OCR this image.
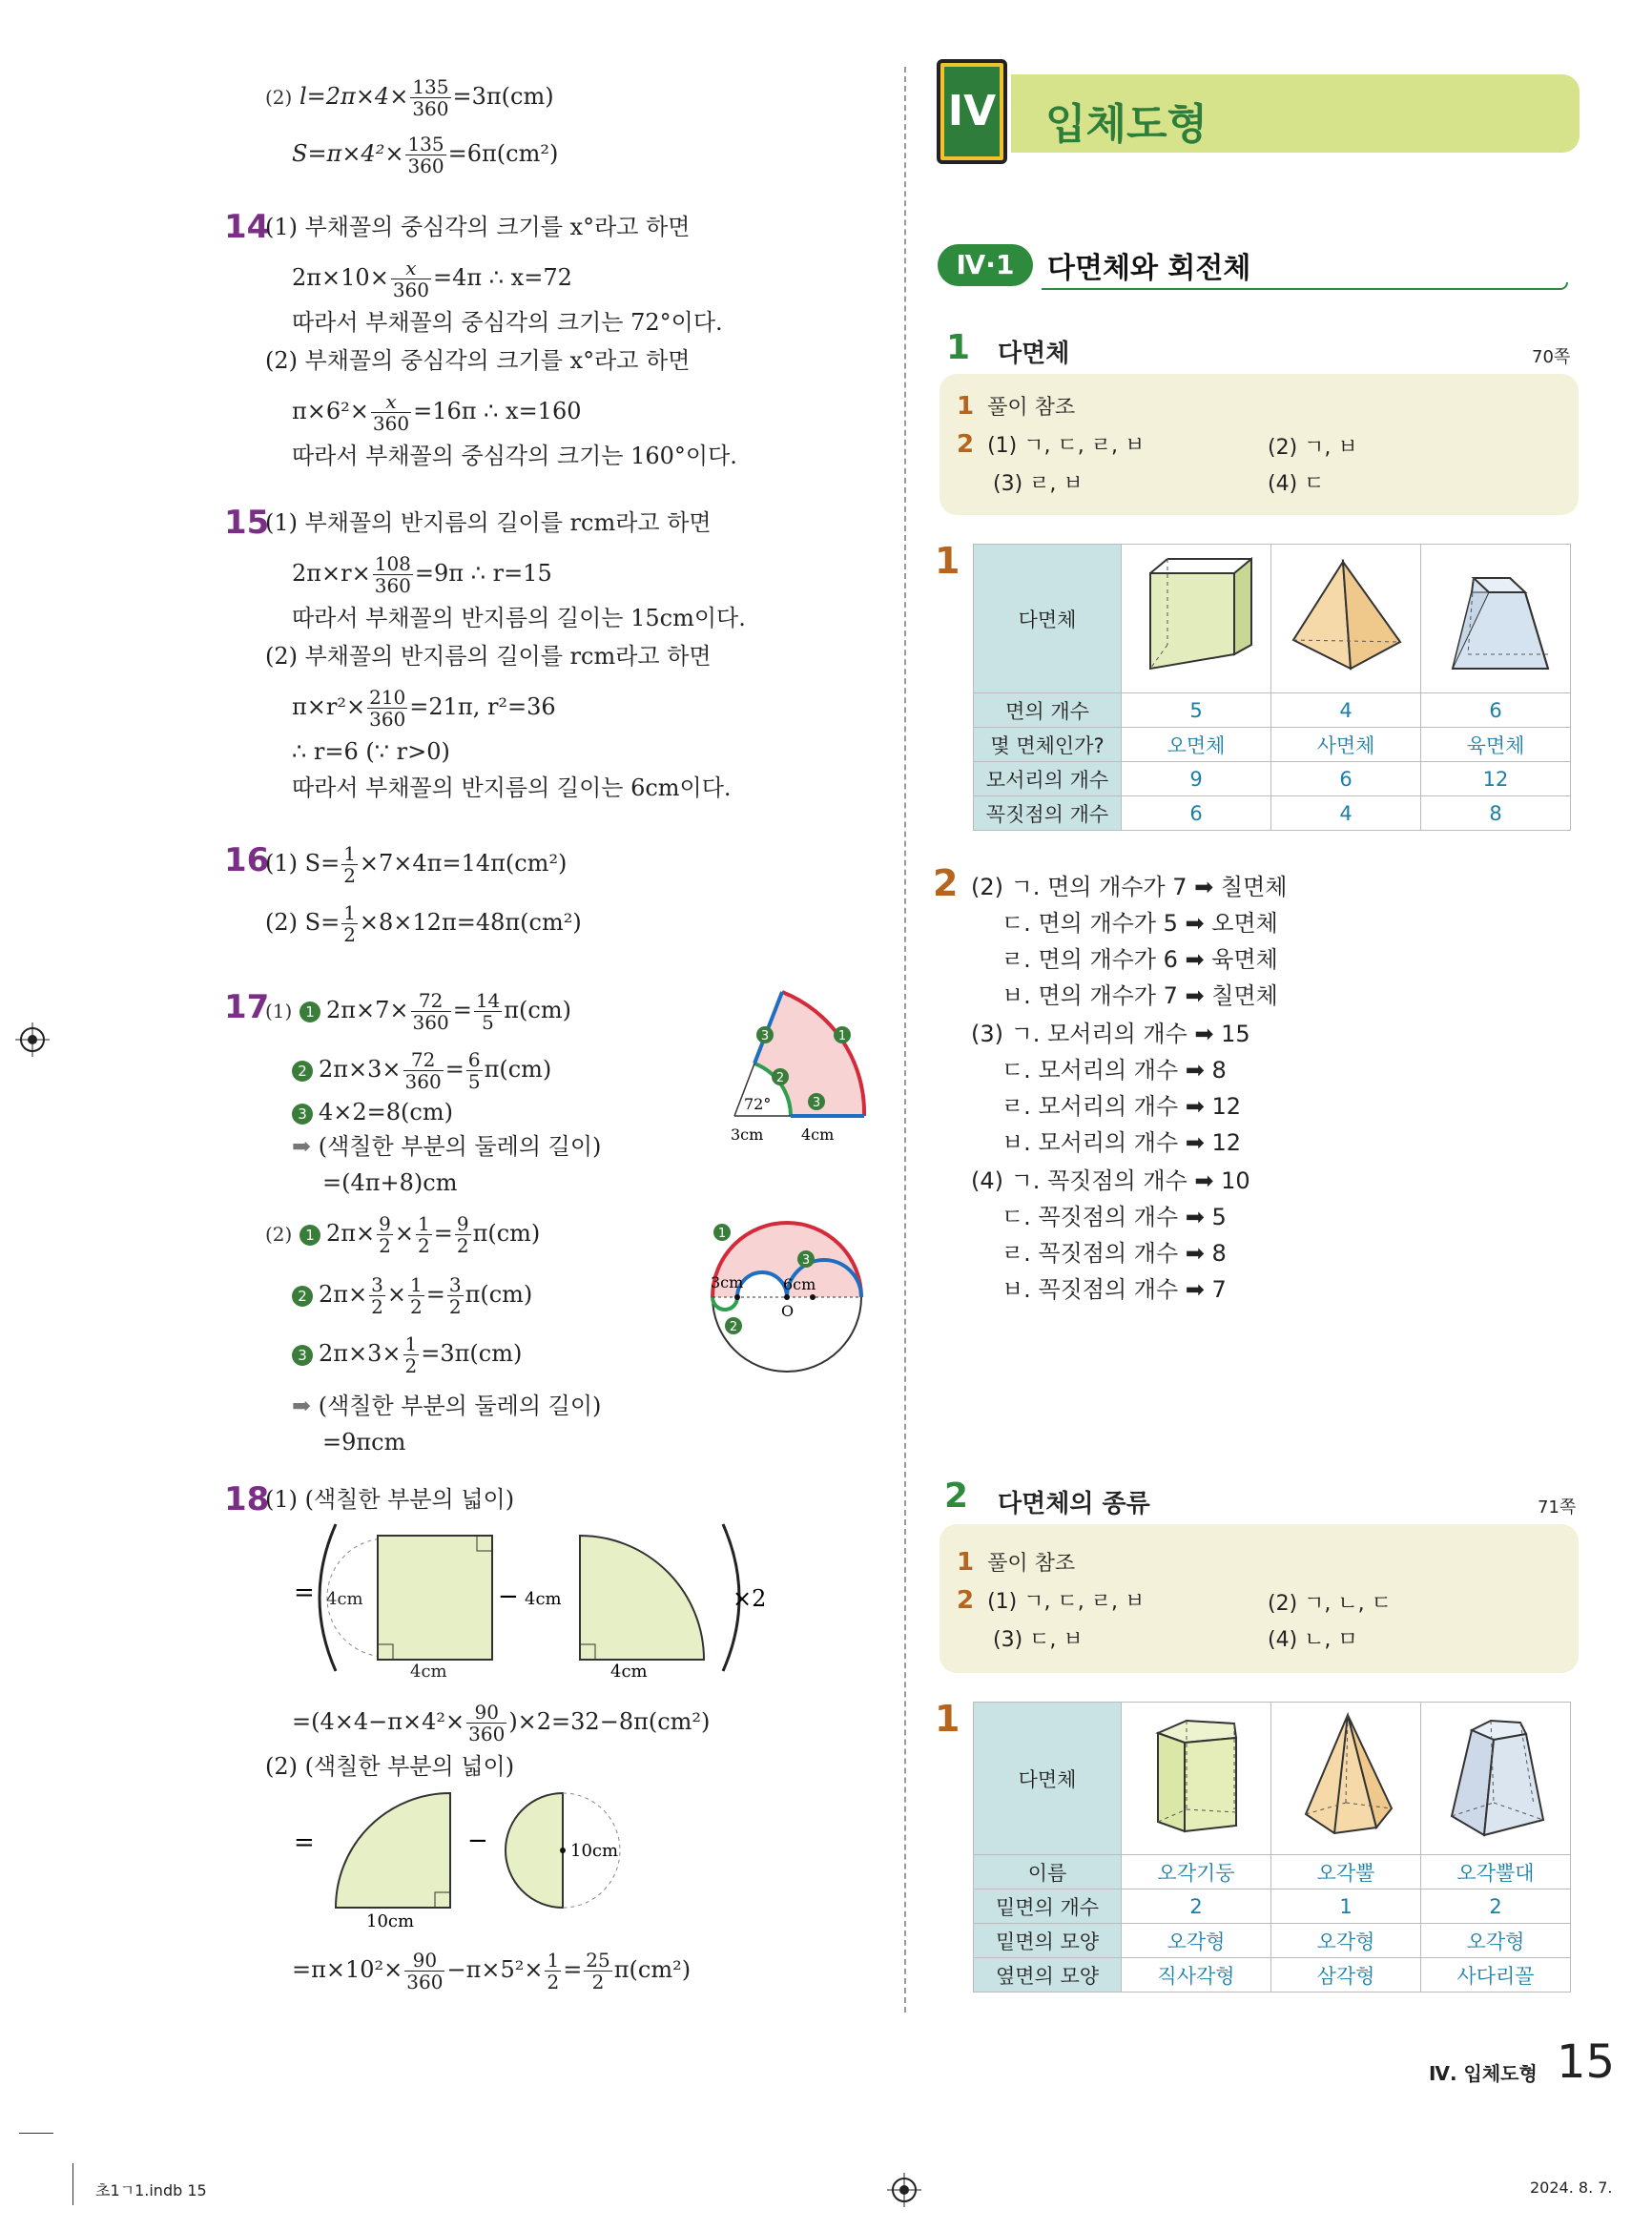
(2) $l=2\pi\times 4\times \frac{135}{360} =3\pi(cm)$
$S=\pi\times 4^2\times \frac{135}{360} =6\pi(cm^2)$
14
(1) 부채꼴의 중심각의 크기를 x°라고 하면
$2\pi\times 10\times \frac{x}{360} =4\pi$ ∴ x=72
따라서 부채꼴의 중심각의 크기는 72°이다.
(2) 부채꼴의 중심각의 크기를 x°라고 하면
$\pi\times 6^2\times \frac{x}{360} =16\pi$ ∴ x=160
따라서 부채꼴의 중심각의 크기는 160°이다.
15
(1) 부채꼴의 반지름의 길이를 rcm라고 하면
$2\pi\times r\times \frac{108}{360} =9\pi$ ∴ r=15
따라서 부채꼴의 반지름의 길이는 15cm이다.
(2) 부채꼴의 반지름의 길이를 rcm라고 하면
$\pi\times r^2\times \frac{210}{360} =21\pi$, r²=36
∴ r=6 (∵ r>0)
따라서 부채꼴의 반지름의 길이는 6cm이다.
16
(1) $S= \frac{1}{2} \times 7\times 4\pi=14\pi(cm^2)$
(2) $S= \frac{1}{2} \times 8\times 12\pi=48\pi(cm^2)$
17
(1) 1 $2\pi\times 7\times \frac{72}{360} = \frac{14}{5} \pi(cm)$
2 $2\pi\times 3\times \frac{72}{360} = \frac{6}{5} \pi(cm)$
3 4×2=8(cm)
➡ (색칠한 부분의 둘레의 길이)
=(4π+8)cm
(2) 1 $2\pi\times \frac{9}{2} \times \frac{1}{2} = \frac{9}{2} \pi(cm)$
2 $2\pi\times \frac{3}{2} \times \frac{1}{2} = \frac{3}{2} \pi(cm)$
3 $2\pi\times 3\times \frac{1}{2} =3\pi(cm)$
➡ (색칠한 부분의 둘레의 길이)
=9πcm
3	1
2
3
72°
3cm 4cm
1
2
3
3cm	6cm
O
18
(1) (색칠한 부분의 넓이)
= 4cm
4cm
− 4cm
4cm
×2
$=(4\times 4-\pi\times 4^2\times \frac{90}{360} )\times 2=32-8\pi(cm^2)$
(2) (색칠한 부분의 넓이)
=
10cm
−	10cm
$=\pi\times 10^2\times \frac{90}{360} -\pi\times 5^2\times \frac{1}{2} = \frac{25}{2} \pi(cm^2)$
IV 입체도형
Ⅳ·1	다면체와 회전체
1 다면체	70쪽
1 풀이 참조
2 (1) ㄱ, ㄷ, ㄹ, ㅂ	(2) ㄱ, ㅂ
(3) ㄹ, ㅂ	(4) ㄷ
1
다면체			
면의 개수	5	4	6
몇 면체인가?	오면체	사면체	육면체
모서리의 개수	9	6	12
꼭짓점의 개수	6	4	8
2 (2) ㄱ. 면의 개수가 7 ➡ 칠면체
ㄷ. 면의 개수가 5 ➡ 오면체
ㄹ. 면의 개수가 6 ➡ 육면체
ㅂ. 면의 개수가 7 ➡ 칠면체
(3) ㄱ. 모서리의 개수 ➡ 15
ㄷ. 모서리의 개수 ➡ 8
ㄹ. 모서리의 개수 ➡ 12
ㅂ. 모서리의 개수 ➡ 12
(4) ㄱ. 꼭짓점의 개수 ➡ 10
ㄷ. 꼭짓점의 개수 ➡ 5
ㄹ. 꼭짓점의 개수 ➡ 8
ㅂ. 꼭짓점의 개수 ➡ 7
2 다면체의 종류	71쪽
1 풀이 참조
2 (1) ㄱ, ㄷ, ㄹ, ㅂ	(2) ㄱ, ㄴ, ㄷ
(3) ㄷ, ㅂ	(4) ㄴ, ㅁ
1
다면체			
이름	오각기둥	오각뿔	오각뿔대
밑면의 개수	2	1	2
밑면의 모양	오각형	오각형	오각형
옆면의 모양	직사각형	삼각형	사다리꼴
Ⅳ. 입체도형 15
초1ㄱ1.indb 15	2024. 8. 7.
